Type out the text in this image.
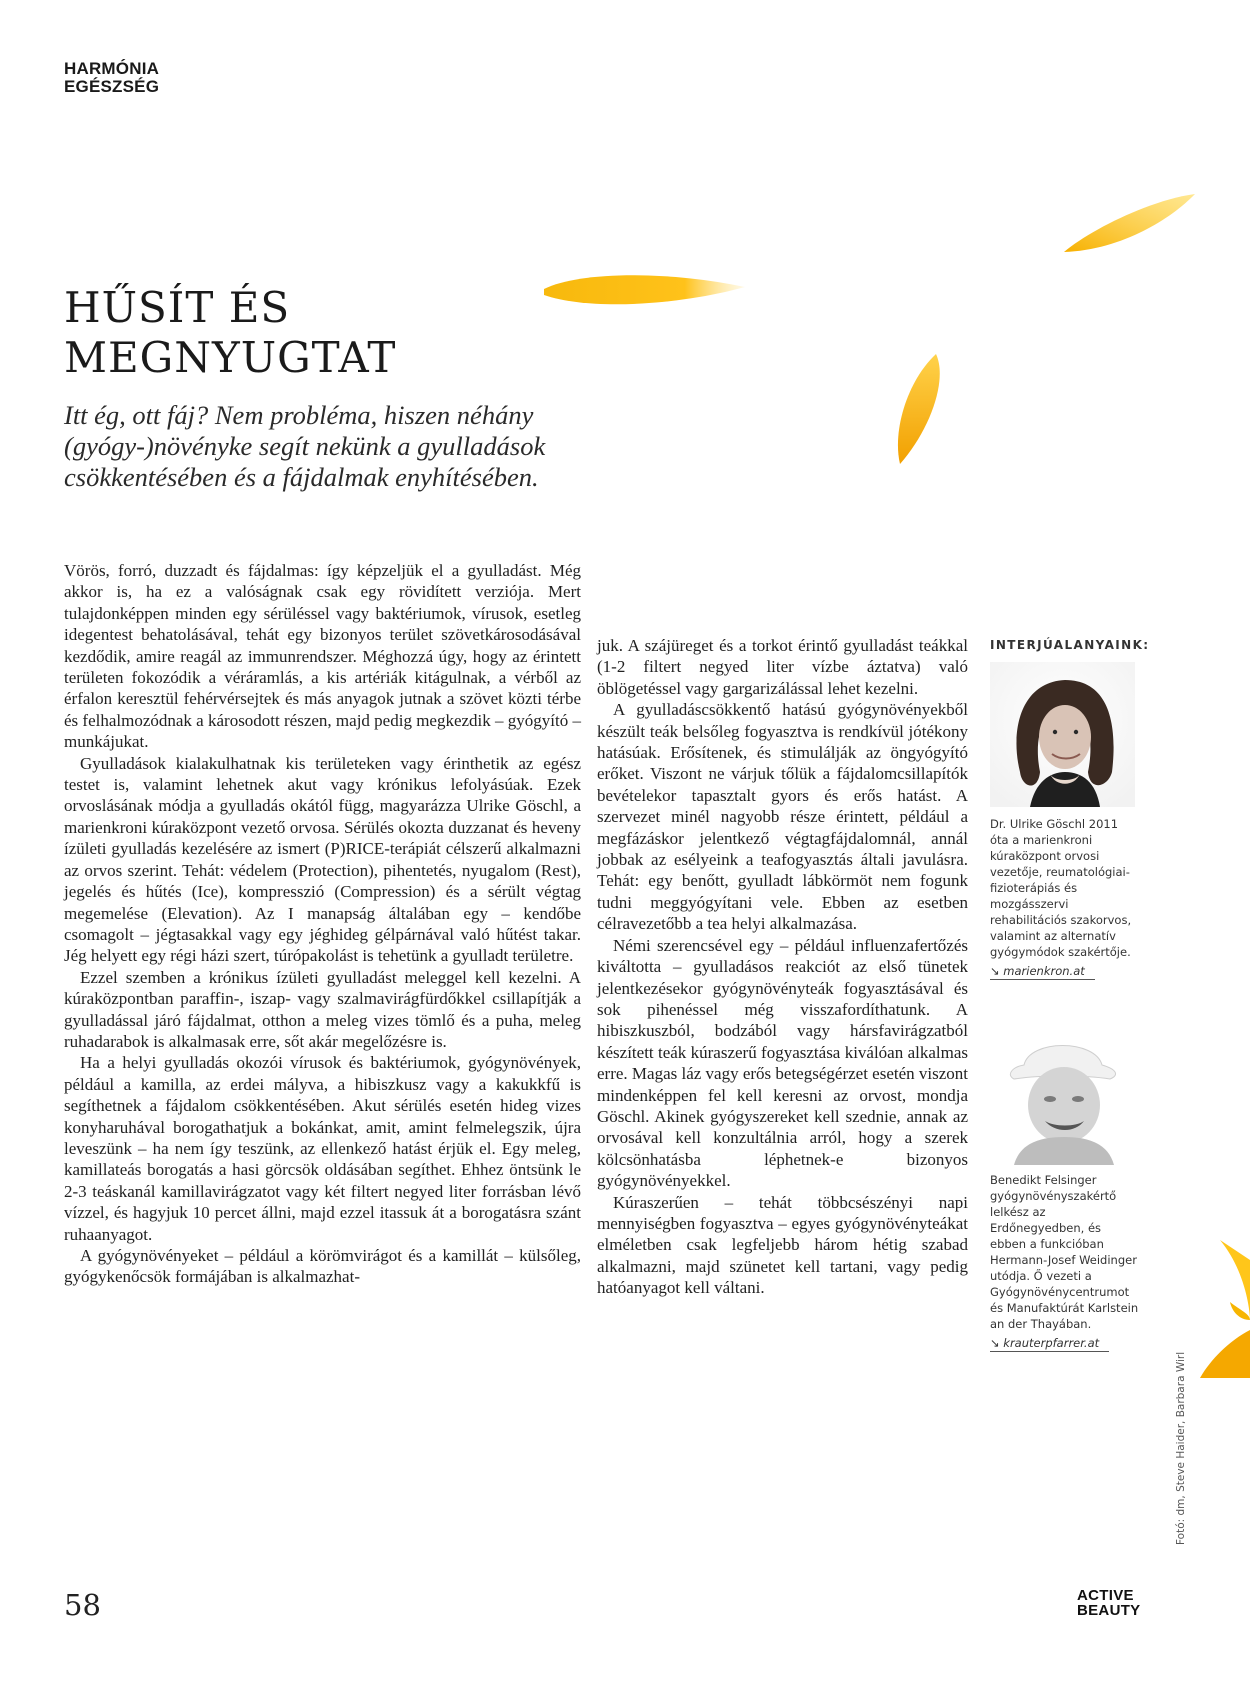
HARMÓNIA
EGÉSZSÉG
HŰSÍT ÉS
MEGNYUGTAT

Itt ég, ott fáj? Nem probléma, hiszen néhány (gyógy-)növényke segít nekünk a gyulladások csökkentésében és a fájdalmak enyhítésében.

Vörös, forró, duzzadt és fájdalmas: így képzeljük el a gyulladást. Még akkor is, ha ez a valóságnak csak egy rövidített verziója. Mert tulajdonképpen minden egy sérüléssel vagy baktériumok, vírusok, esetleg idegentest behatolásával, tehát egy bizonyos terület szövetkárosodásával kezdődik, amire reagál az immunrendszer. Méghozzá úgy, hogy az érintett területen fokozódik a véráramlás, a kis artériák kitágulnak, a vérből az érfalon keresztül fehérvérsejtek és más anyagok jutnak a szövet közti térbe és felhalmozódnak a károsodott részen, majd pedig megkezdik – gyógyító – munkájukat.

Gyulladások kialakulhatnak kis területeken vagy érinthetik az egész testet is, valamint lehetnek akut vagy krónikus lefolyásúak. Ezek orvoslásának módja a gyulladás okától függ, magyarázza Ulrike Göschl, a marienkroni kúraközpont vezető orvosa. Sérülés okozta duzzanat és heveny ízületi gyulladás kezelésére az ismert (P)RICE-terápiát célszerű alkalmazni az orvos szerint. Tehát: védelem (Protection), pihentetés, nyugalom (Rest), jegelés és hűtés (Ice), kompresszió (Compression) és a sérült végtag megemelése (Elevation). Az I manapság általában egy – kendőbe csomagolt – jégtasakkal vagy egy jéghideg gélpárnával való hűtést takar. Jég helyett egy régi házi szert, túrópakolást is tehetünk a gyulladt területre.

Ezzel szemben a krónikus ízületi gyulladást meleggel kell kezelni. A kúraközpontban paraffin-, iszap- vagy szalmavirágfürdőkkel csillapítják a gyulladással járó fájdalmat, otthon a meleg vizes tömlő és a puha, meleg ruhadarabok is alkalmasak erre, sőt akár megelőzésre is.

Ha a helyi gyulladás okozói vírusok és baktériumok, gyógynövények, például a kamilla, az erdei mályva, a hibiszkusz vagy a kakukkfű is segíthetnek a fájdalom csökkentésében. Akut sérülés esetén hideg vizes konyharuhával borogathatjuk a bokánkat, amit, amint felmelegszik, újra leveszünk – ha nem így teszünk, az ellenkező hatást érjük el. Egy meleg, kamillateás borogatás a hasi görcsök oldásában segíthet. Ehhez öntsünk le 2-3 teáskanál kamillavirágzatot vagy két filtert negyed liter forrásban lévő vízzel, és hagyjuk 10 percet állni, majd ezzel itassuk át a borogatásra szánt ruhaanyagot.

A gyógynövényeket – például a körömvirágot és a kamillát – külsőleg, gyógykenőcsök formájában is alkalmazhat-

juk. A szájüreget és a torkot érintő gyulladást teákkal (1-2 filtert negyed liter vízbe áztatva) való öblögetéssel vagy gargarizálással lehet kezelni.

A gyulladáscsökkentő hatású gyógynövényekből készült teák belsőleg fogyasztva is rendkívül jótékony hatásúak. Erősítenek, és stimulálják az öngyógyító erőket. Viszont ne várjuk tőlük a fájdalomcsillapítók bevételekor tapasztalt gyors és erős hatást. A szervezet minél nagyobb része érintett, például a megfázáskor jelentkező végtagfájdalomnál, annál jobbak az esélyeink a teafogyasztás általi javulásra. Tehát: egy benőtt, gyulladt lábkörmöt nem fogunk tudni meggyógyítani vele. Ebben az esetben célravezetőbb a tea helyi alkalmazása.

Némi szerencsével egy – például influenzafertőzés kiváltotta – gyulladásos reakciót az első tünetek jelentkezésekor gyógynövényteák fogyasztásával és sok pihenéssel még visszafordíthatunk. A hibiszkuszból, bodzából vagy hársfavirágzatból készített teák kúraszerű fogyasztása kiválóan alkalmas erre. Magas láz vagy erős betegségérzet esetén viszont mindenképpen fel kell keresni az orvost, mondja Göschl. Akinek gyógyszereket kell szednie, annak az orvosával kell konzultálnia arról, hogy a szerek kölcsönhatásba léphetnek-e bizonyos gyógynövényekkel.

Kúraszerűen – tehát többcsészényi napi mennyiségben fogyasztva – egyes gyógynövényteákat elméletben csak legfeljebb három hétig szabad alkalmazni, majd szünetet kell tartani, vagy pedig hatóanyagot kell váltani.

INTERJÚALANYAINK:

Dr. Ulrike Göschl 2011 óta a marienkroni kúraközpont orvosi vezetője, reumatológiai-fizioterápiás és mozgásszervi rehabilitációs szakorvos, valamint az alternatív gyógymódok szakértője.

↘ marienkron.at

Benedikt Felsinger gyógynövényszakértő lelkész az Erdőnegyedben, és ebben a funkcióban Hermann-Josef Weidinger utódja. Ő vezeti a Gyógynövénycentrumot és Manufaktúrát Karlstein an der Thayában.

↘ krauterpfarrer.at
58	ACTIVE
BEAUTY
Fotó: dm, Steve Haider, Barbara Wirl
